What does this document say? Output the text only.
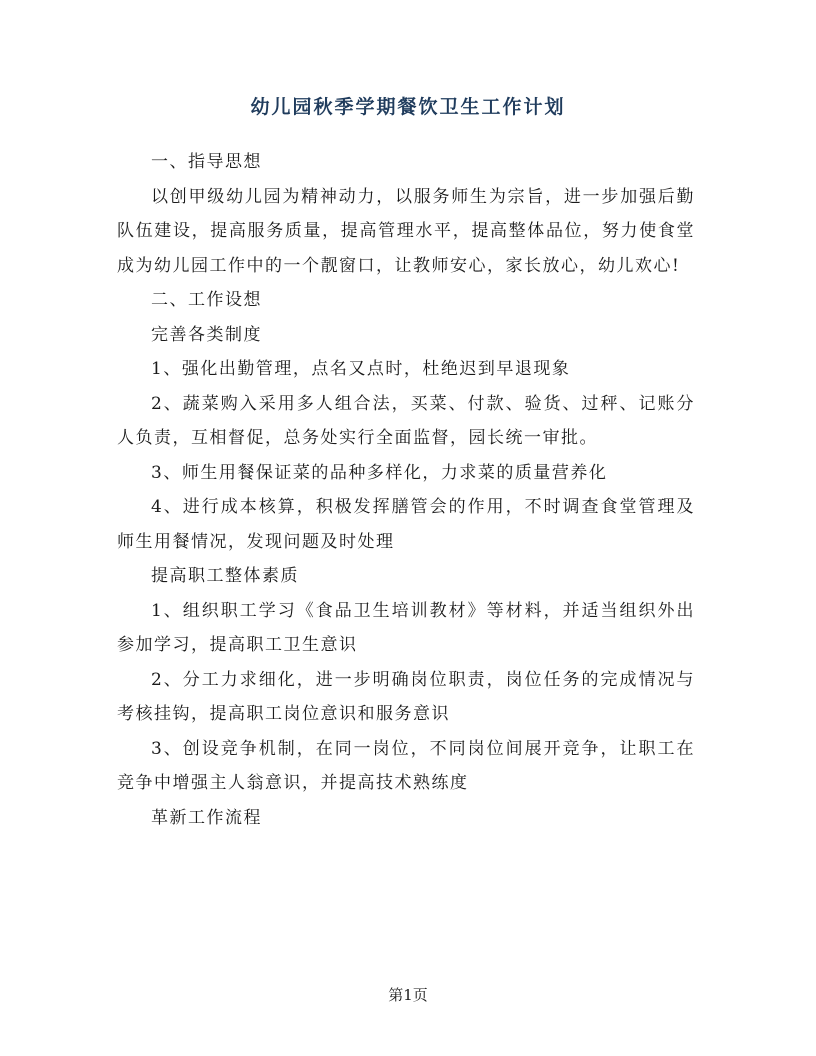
幼儿园秋季学期餐饮卫生工作计划

一、指导思想

以创甲级幼儿园为精神动力，以服务师生为宗旨，进一步加强后勤队伍建设，提高服务质量，提高管理水平，提高整体品位，努力使食堂成为幼儿园工作中的一个靓窗口，让教师安心，家长放心，幼儿欢心!

二、工作设想

完善各类制度

1、强化出勤管理，点名又点时，杜绝迟到早退现象

2、蔬菜购入采用多人组合法，买菜、付款、验货、过秤、记账分人负责，互相督促，总务处实行全面监督，园长统一审批。

3、师生用餐保证菜的品种多样化，力求菜的质量营养化

4、进行成本核算，积极发挥膳管会的作用，不时调查食堂管理及师生用餐情况，发现问题及时处理

提高职工整体素质

1、组织职工学习《食品卫生培训教材》等材料，并适当组织外出参加学习，提高职工卫生意识

2、分工力求细化，进一步明确岗位职责，岗位任务的完成情况与考核挂钩，提高职工岗位意识和服务意识

3、创设竞争机制，在同一岗位，不同岗位间展开竞争，让职工在竞争中增强主人翁意识，并提高技术熟练度

革新工作流程

第1页
